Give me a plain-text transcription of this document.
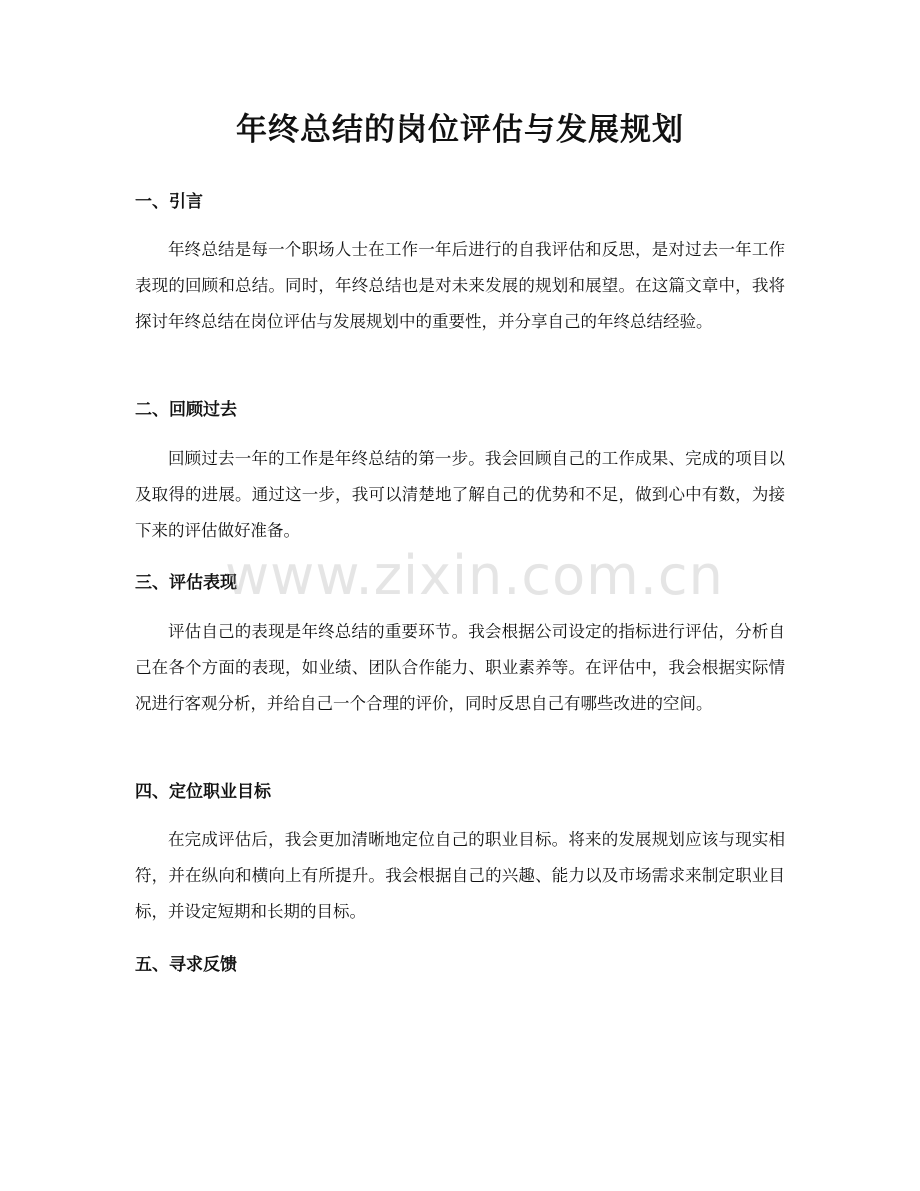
年终总结的岗位评估与发展规划
一、引言

年终总结是每一个职场人士在工作一年后进行的自我评估和反思，是对过去一年工作表现的回顾和总结。同时，年终总结也是对未来发展的规划和展望。在这篇文章中，我将探讨年终总结在岗位评估与发展规划中的重要性，并分享自己的年终总结经验。

二、回顾过去

回顾过去一年的工作是年终总结的第一步。我会回顾自己的工作成果、完成的项目以及取得的进展。通过这一步，我可以清楚地了解自己的优势和不足，做到心中有数，为接下来的评估做好准备。

三、评估表现

评估自己的表现是年终总结的重要环节。我会根据公司设定的指标进行评估，分析自己在各个方面的表现，如业绩、团队合作能力、职业素养等。在评估中，我会根据实际情况进行客观分析，并给自己一个合理的评价，同时反思自己有哪些改进的空间。

四、定位职业目标

在完成评估后，我会更加清晰地定位自己的职业目标。将来的发展规划应该与现实相符，并在纵向和横向上有所提升。我会根据自己的兴趣、能力以及市场需求来制定职业目标，并设定短期和长期的目标。

五、寻求反馈
www.zixin.com.cn
